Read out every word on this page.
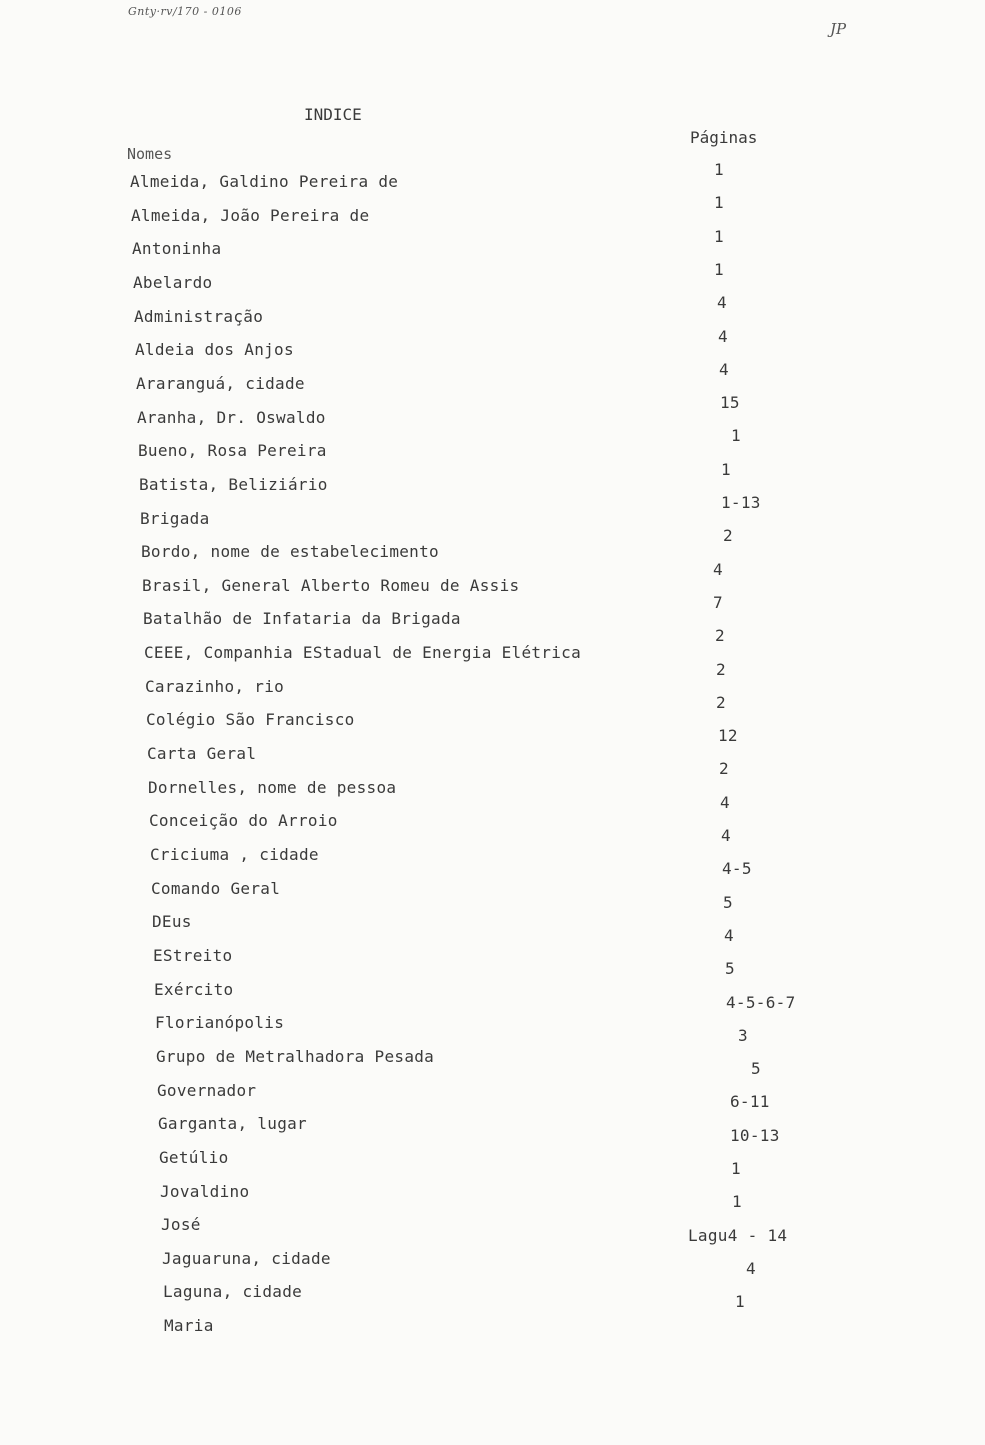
Gnty·rv/170 - 0106
JP
INDICE
Páginas
Nomes
Almeida, Galdino Pereira de
1
Almeida, João Pereira de
1
Antoninha
1
Abelardo
1
Administração
4
Aldeia dos Anjos
4
Araranguá, cidade
4
Aranha, Dr. Oswaldo
15
Bueno, Rosa Pereira
1
Batista, Beliziário
1
Brigada
1-13
Bordo, nome de estabelecimento
2
Brasil, General Alberto Romeu de Assis
4
Batalhão de Infataria da Brigada
7
CEEE, Companhia EStadual de Energia Elétrica
2
Carazinho, rio
2
Colégio São Francisco
2
Carta Geral
12
Dornelles, nome de pessoa
2
Conceição do Arroio
4
Criciuma , cidade
4
Comando Geral
4-5
DEus
5
EStreito
4
Exército
5
Florianópolis
4-5-6-7
Grupo de Metralhadora Pesada
3
Governador
5
Garganta, lugar
6-11
Getúlio
10-13
Jovaldino
1
José
1
Jaguaruna, cidade
Lagu4 - 14
Laguna, cidade
4
Maria
1
